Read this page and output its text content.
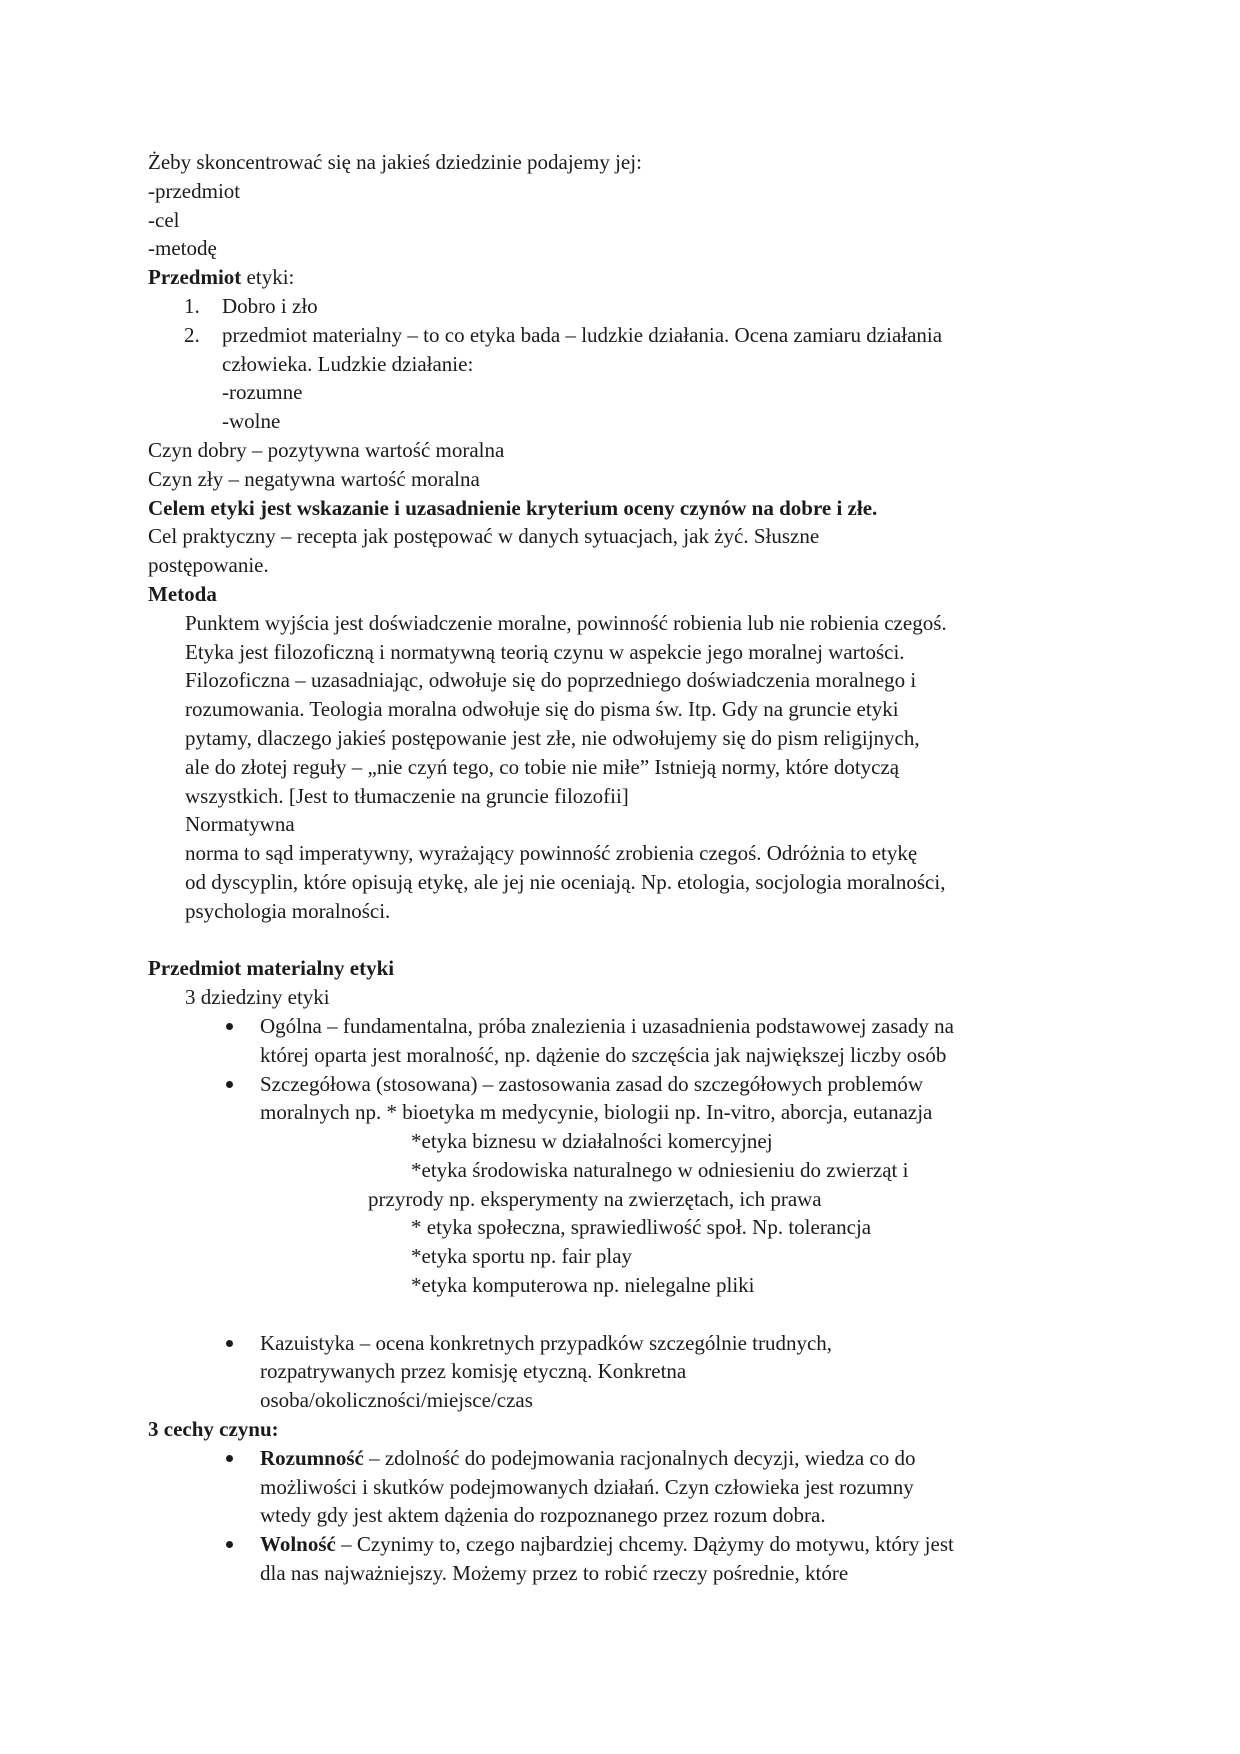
Żeby skoncentrować się na jakieś dziedzinie podajemy jej:
-przedmiot
-cel
-metodę
Przedmiot etyki:
1. Dobro i zło
2. przedmiot materialny – to co etyka bada – ludzkie działania. Ocena zamiaru działania
człowieka. Ludzkie działanie:
-rozumne
-wolne
Czyn dobry – pozytywna wartość moralna
Czyn zły – negatywna wartość moralna
Celem etyki jest wskazanie i uzasadnienie kryterium oceny czynów na dobre i złe.
Cel praktyczny – recepta jak postępować w danych sytuacjach, jak żyć. Słuszne
postępowanie.
Metoda
Punktem wyjścia jest doświadczenie moralne, powinność robienia lub nie robienia czegoś.
Etyka jest filozoficzną i normatywną teorią czynu w aspekcie jego moralnej wartości.
Filozoficzna – uzasadniając, odwołuje się do poprzedniego doświadczenia moralnego i
rozumowania. Teologia moralna odwołuje się do pisma św. Itp. Gdy na gruncie etyki
pytamy, dlaczego jakieś postępowanie jest złe, nie odwołujemy się do pism religijnych,
ale do złotej reguły – „nie czyń tego, co tobie nie miłe” Istnieją normy, które dotyczą
wszystkich. [Jest to tłumaczenie na gruncie filozofii]
Normatywna
norma to sąd imperatywny, wyrażający powinność zrobienia czegoś. Odróżnia to etykę
od dyscyplin, które opisują etykę, ale jej nie oceniają. Np. etologia, socjologia moralności,
psychologia moralności.
Przedmiot materialny etyki
3 dziedziny etyki
Ogólna – fundamentalna, próba znalezienia i uzasadnienia podstawowej zasady na
której oparta jest moralność, np. dążenie do szczęścia jak największej liczby osób
Szczegółowa (stosowana) – zastosowania zasad do szczegółowych problemów
moralnych np. * bioetyka m medycynie, biologii np. In-vitro, aborcja, eutanazja
*etyka biznesu w działalności komercyjnej
*etyka środowiska naturalnego w odniesieniu do zwierząt i
przyrody np. eksperymenty na zwierzętach, ich prawa
* etyka społeczna, sprawiedliwość społ. Np. tolerancja
*etyka sportu np. fair play
*etyka komputerowa np. nielegalne pliki
Kazuistyka – ocena konkretnych przypadków szczególnie trudnych,
rozpatrywanych przez komisję etyczną. Konkretna
osoba/okoliczności/miejsce/czas
3 cechy czynu:
Rozumność – zdolność do podejmowania racjonalnych decyzji, wiedza co do
możliwości i skutków podejmowanych działań. Czyn człowieka jest rozumny
wtedy gdy jest aktem dążenia do rozpoznanego przez rozum dobra.
Wolność – Czynimy to, czego najbardziej chcemy. Dążymy do motywu, który jest
dla nas najważniejszy. Możemy przez to robić rzeczy pośrednie, które
